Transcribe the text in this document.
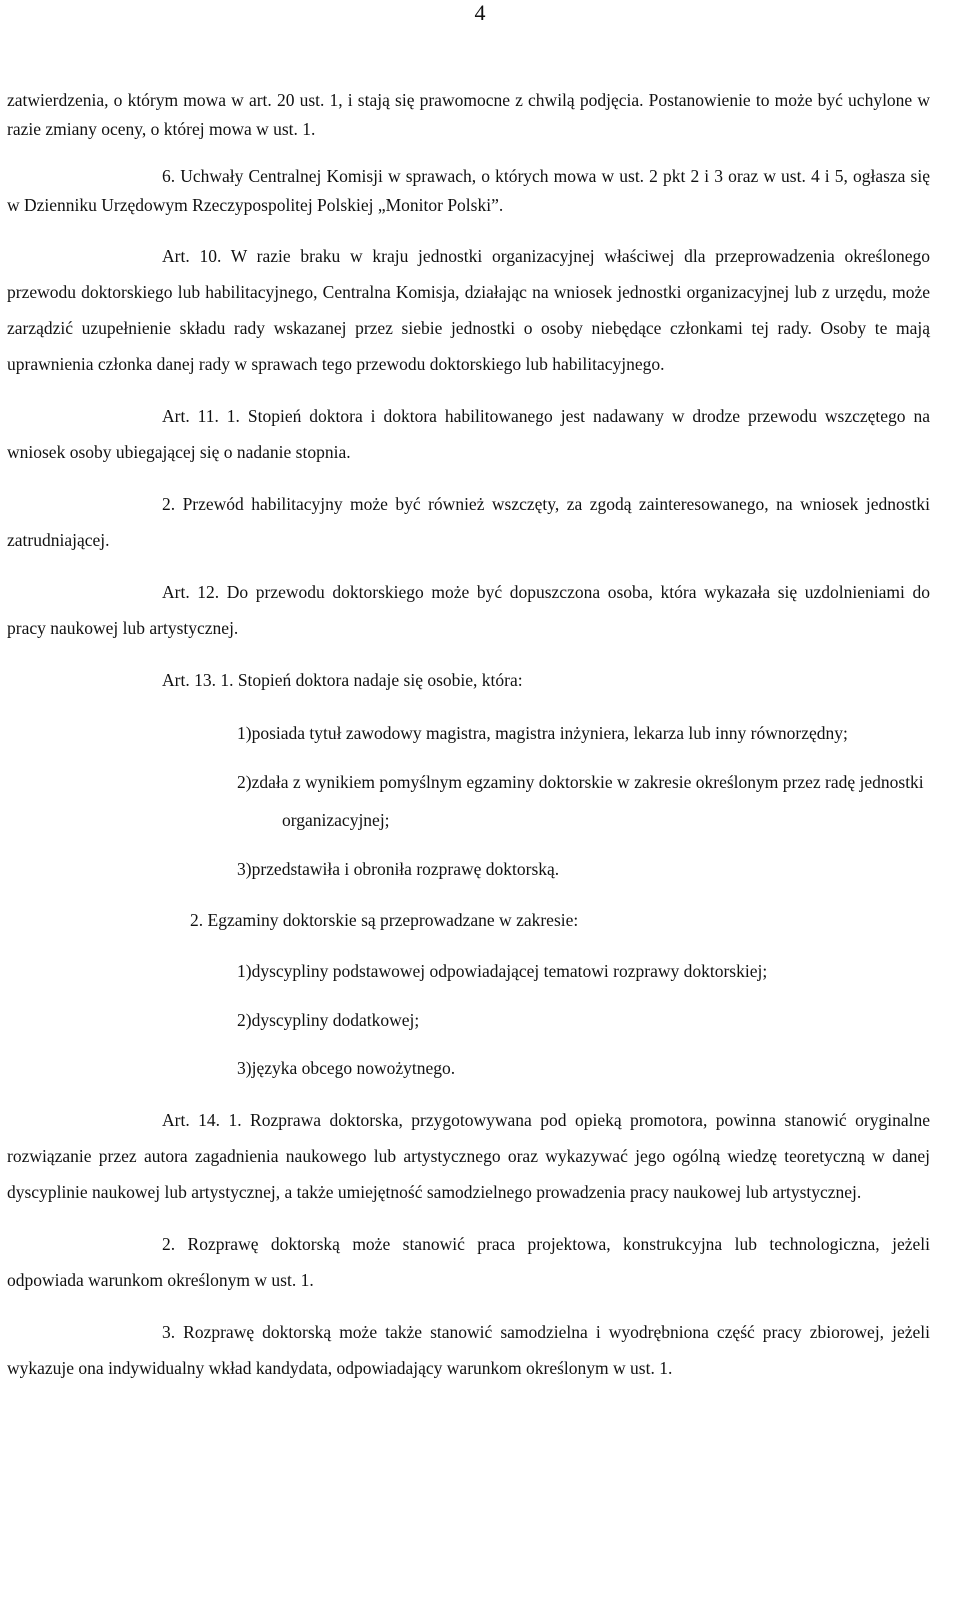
4

zatwierdzenia, o którym mowa w art. 20 ust. 1, i stają się prawomocne z chwilą podjęcia. Postanowienie to może być uchylone w razie zmiany oceny, o której mowa w ust. 1.

6. Uchwały Centralnej Komisji w sprawach, o których mowa w ust. 2 pkt 2 i 3 oraz w ust. 4 i 5, ogłasza się w Dzienniku Urzędowym Rzeczypospolitej Polskiej „Monitor Polski”.

Art. 10. W razie braku w kraju jednostki organizacyjnej właściwej dla przeprowadzenia określonego przewodu doktorskiego lub habilitacyjnego, Centralna Komisja, działając na wniosek jednostki organizacyjnej lub z urzędu, może zarządzić uzupełnienie składu rady wskazanej przez siebie jednostki o osoby niebędące członkami tej rady. Osoby te mają uprawnienia członka danej rady w sprawach tego przewodu doktorskiego lub habilitacyjnego.

Art. 11. 1. Stopień doktora i doktora habilitowanego jest nadawany w drodze przewodu wszczętego na wniosek osoby ubiegającej się o nadanie stopnia.

2. Przewód habilitacyjny może być również wszczęty, za zgodą zainteresowanego, na wniosek jednostki zatrudniającej.

Art. 12. Do przewodu doktorskiego może być dopuszczona osoba, która wykazała się uzdolnieniami do pracy naukowej lub artystycznej.

Art. 13. 1. Stopień doktora nadaje się osobie, która:

1)posiada tytuł zawodowy magistra, magistra inżyniera, lekarza lub inny równorzędny;

2)zdała z wynikiem pomyślnym egzaminy doktorskie w zakresie określonym przez radę jednostki organizacyjnej;

3)przedstawiła i obroniła rozprawę doktorską.

2. Egzaminy doktorskie są przeprowadzane w zakresie:

1)dyscypliny podstawowej odpowiadającej tematowi rozprawy doktorskiej;

2)dyscypliny dodatkowej;

3)języka obcego nowożytnego.

Art. 14. 1. Rozprawa doktorska, przygotowywana pod opieką promotora, powinna stanowić oryginalne rozwiązanie przez autora zagadnienia naukowego lub artystycznego oraz wykazywać jego ogólną wiedzę teoretyczną w danej dyscyplinie naukowej lub artystycznej, a także umiejętność samodzielnego prowadzenia pracy naukowej lub artystycznej.

2. Rozprawę doktorską może stanowić praca projektowa, konstrukcyjna lub technologiczna, jeżeli odpowiada warunkom określonym w ust. 1.

3. Rozprawę doktorską może także stanowić samodzielna i wyodrębniona część pracy zbiorowej, jeżeli wykazuje ona indywidualny wkład kandydata, odpowiadający warunkom określonym w ust. 1.
